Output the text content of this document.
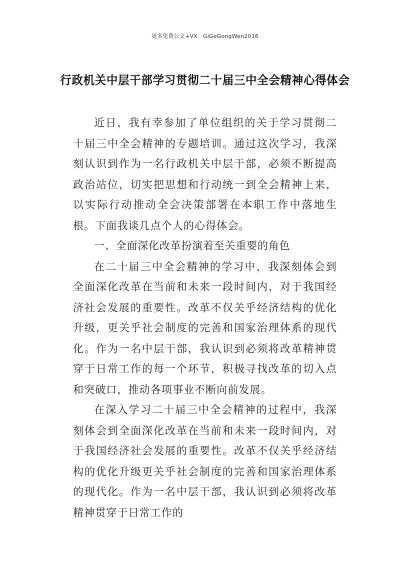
更多免费公文+VX：GiGeGongWen2016
行政机关中层干部学习贯彻二十届三中全会精神心得体会

近日，我有幸参加了单位组织的关于学习贯彻二十届三中全会精神的专题培训。通过这次学习，我深刻认识到作为一名行政机关中层干部，必须不断提高政治站位，切实把思想和行动统一到全会精神上来，以实际行动推动全会决策部署在本职工作中落地生根。下面我谈几点个人的心得体会。

一、全面深化改革扮演着至关重要的角色

在二十届三中全会精神的学习中，我深刻体会到全面深化改革在当前和未来一段时间内，对于我国经济社会发展的重要性。改革不仅关乎经济结构的优化升级，更关乎社会制度的完善和国家治理体系的现代化。作为一名中层干部，我认识到必须将改革精神贯穿于日常工作的每一个环节，积极寻找改革的切入点和突破口，推动各项事业不断向前发展。

在深入学习二十届三中全会精神的过程中，我深刻体会到全面深化改革在当前和未来一段时间内，对于我国经济社会发展的重要性。改革不仅关乎经济结构的优化升级更关乎社会制度的完善和国家治理体系的现代化。作为一名中层干部，我认识到必须将改革精神贯穿于日常工作的
